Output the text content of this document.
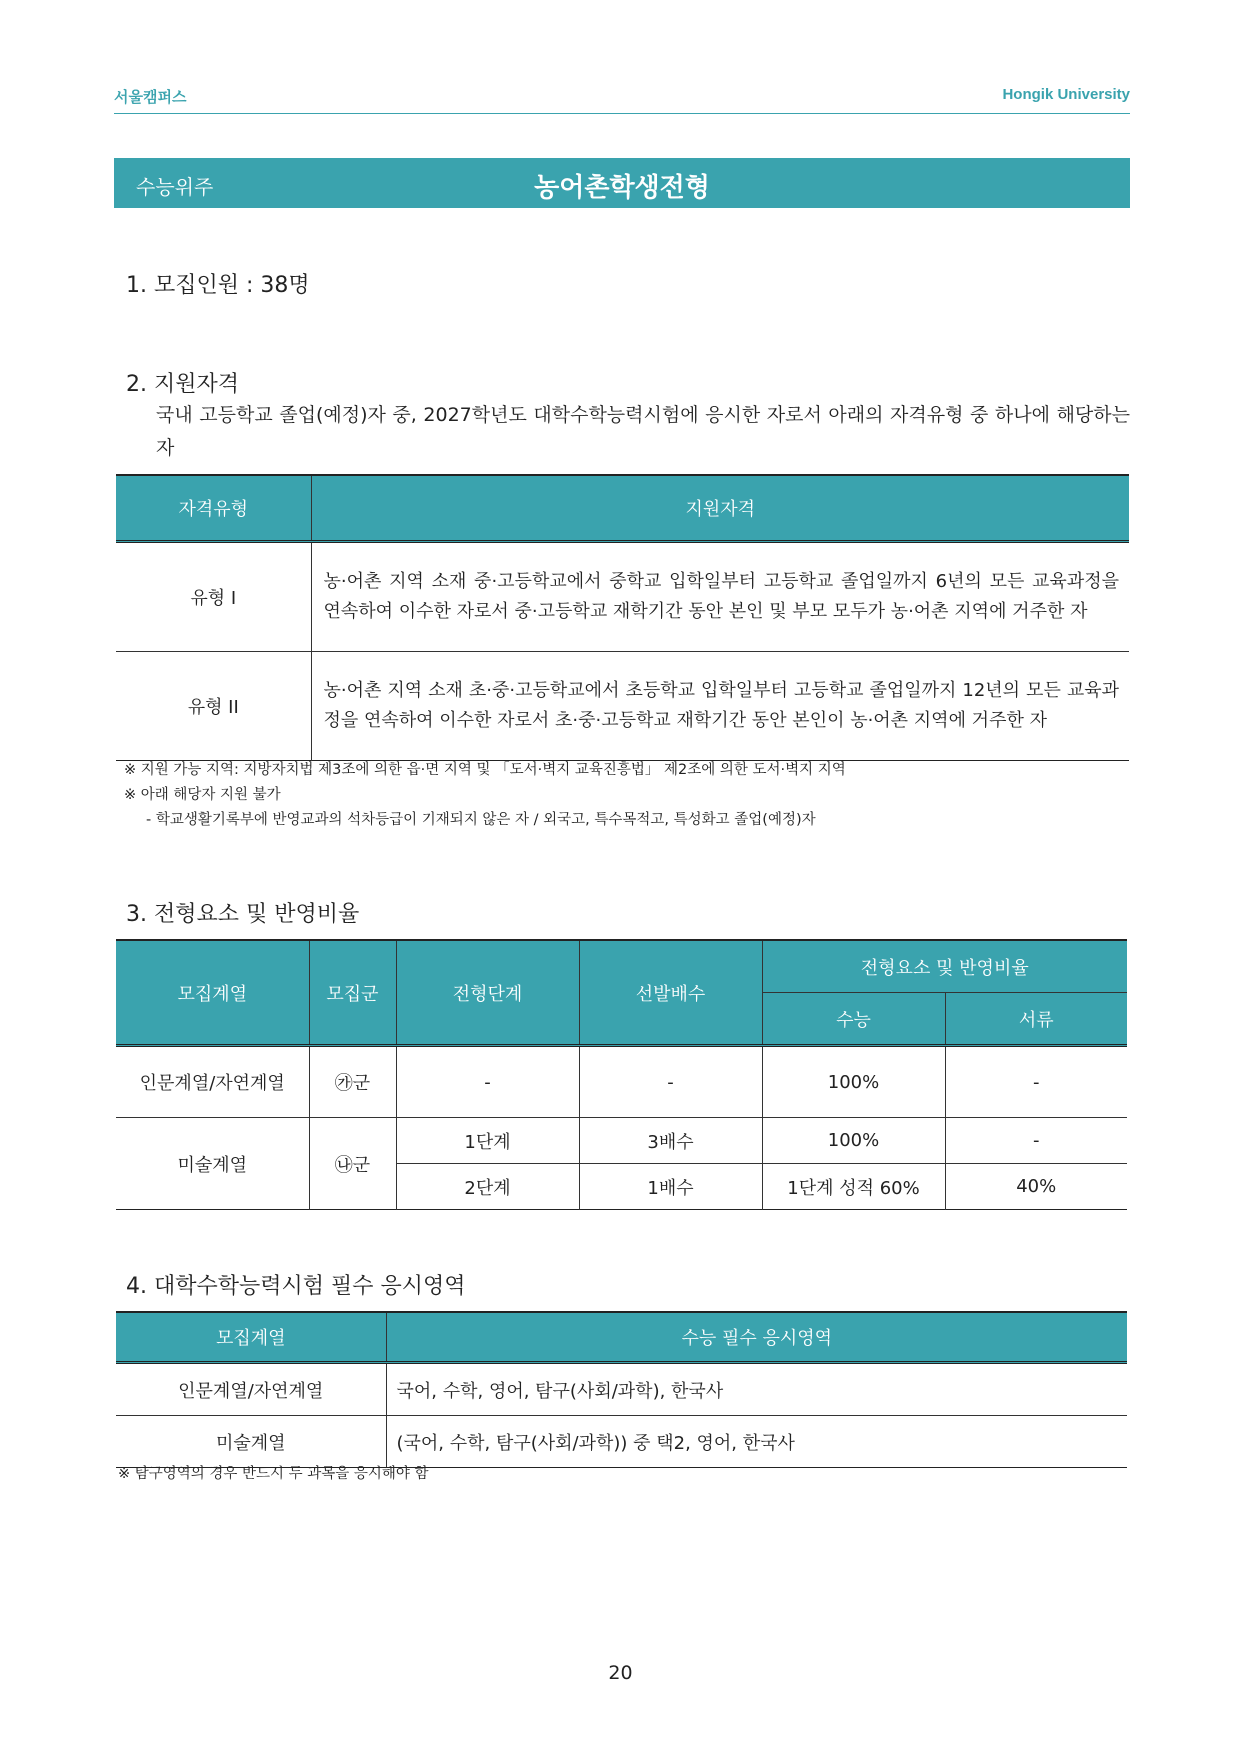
서울캠퍼스	Hongik University
수능위주	농어촌학생전형
1. 모집인원 : 38명
2. 지원자격
국내 고등학교 졸업(예정)자 중, 2027학년도 대학수학능력시험에 응시한 자로서 아래의 자격유형 중 하나에 해당하는 자
자격유형	지원자격
유형 I	농·어촌 지역 소재 중·고등학교에서 중학교 입학일부터 고등학교 졸업일까지 6년의 모든 교육과정을 연속하여 이수한 자로서 중·고등학교 재학기간 동안 본인 및 부모 모두가 농·어촌 지역에 거주한 자
유형 II	농·어촌 지역 소재 초·중·고등학교에서 초등학교 입학일부터 고등학교 졸업일까지 12년의 모든 교육과정을 연속하여 이수한 자로서 초·중·고등학교 재학기간 동안 본인이 농·어촌 지역에 거주한 자
※ 지원 가능 지역: 지방자치법 제3조에 의한 읍·면 지역 및 「도서·벽지 교육진흥법」 제2조에 의한 도서·벽지 지역
※ 아래 해당자 지원 불가
- 학교생활기록부에 반영교과의 석차등급이 기재되지 않은 자 / 외국고, 특수목적고, 특성화고 졸업(예정)자
3. 전형요소 및 반영비율
모집계열	모집군	전형단계	선발배수	전형요소 및 반영비율	
				수능	서류
인문계열/자연계열	㉮군	-	-	100%	-
미술계열	㉯군	1단계	3배수	100%	-
		2단계	1배수	1단계 성적 60%	40%
4. 대학수학능력시험 필수 응시영역
모집계열	수능 필수 응시영역
인문계열/자연계열	국어, 수학, 영어, 탐구(사회/과학), 한국사
미술계열	(국어, 수학, 탐구(사회/과학)) 중 택2, 영어, 한국사
※ 탐구영역의 경우 반드시 두 과목을 응시해야 함
20
